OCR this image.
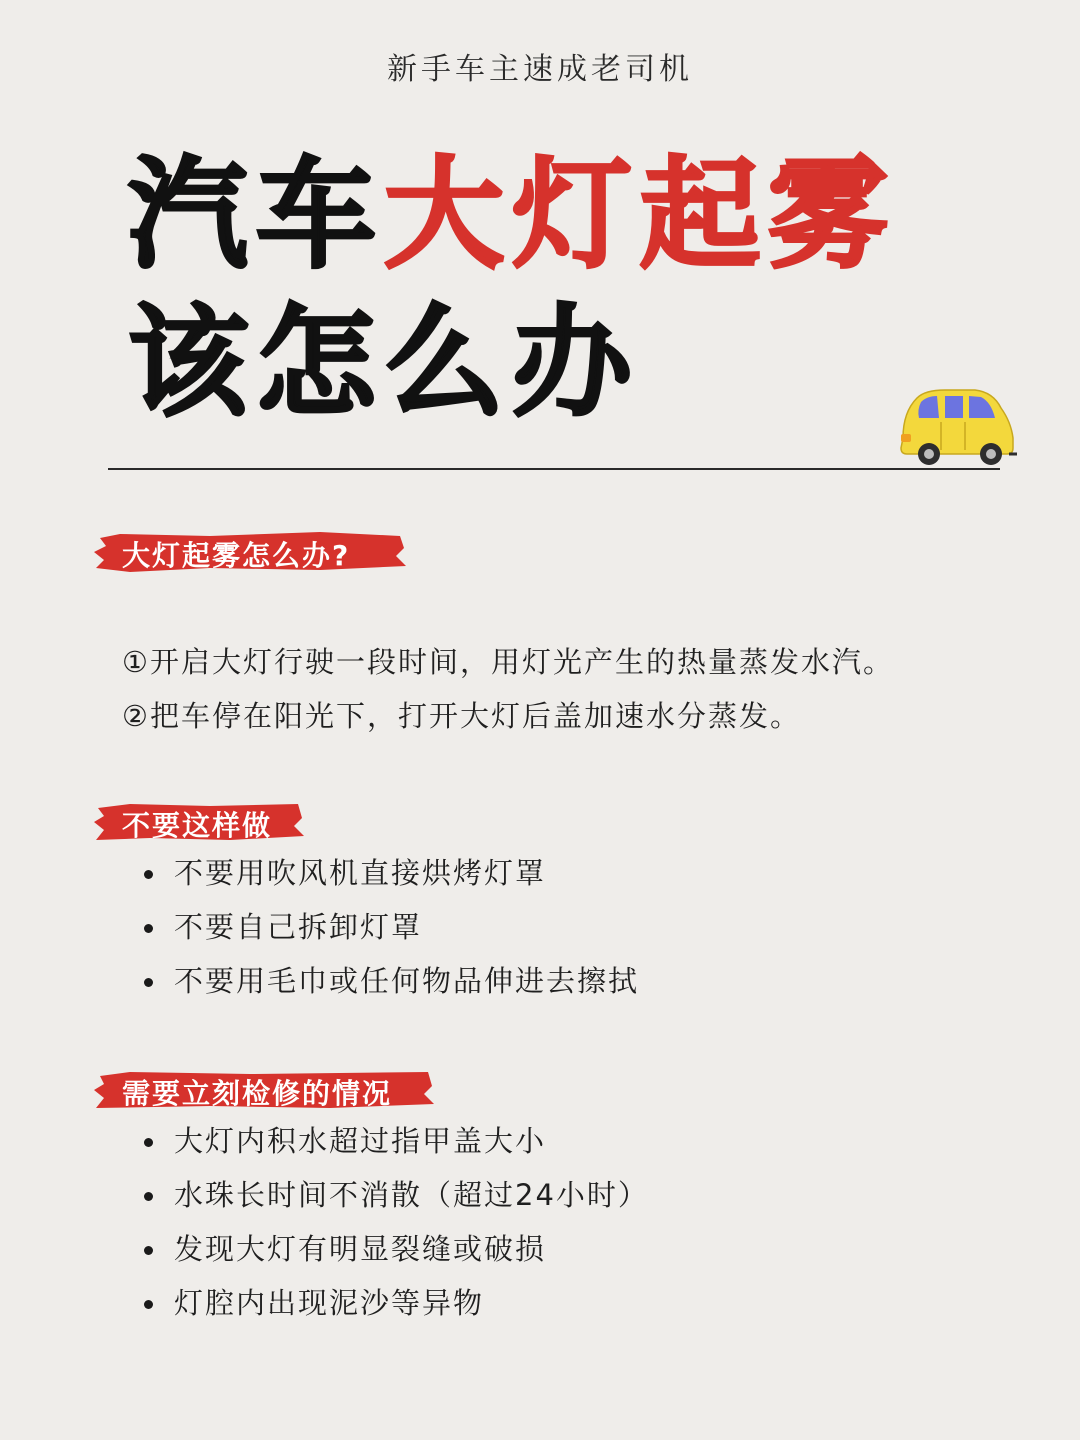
新手车主速成老司机
汽车大灯起雾
该怎么办
大灯起雾怎么办?
①开启大灯行驶一段时间，用灯光产生的热量蒸发水汽。
②把车停在阳光下，打开大灯后盖加速水分蒸发。
不要这样做
不要用吹风机直接烘烤灯罩
不要自己拆卸灯罩
不要用毛巾或任何物品伸进去擦拭
需要立刻检修的情况
大灯内积水超过指甲盖大小
水珠长时间不消散（超过24小时）
发现大灯有明显裂缝或破损
灯腔内出现泥沙等异物
